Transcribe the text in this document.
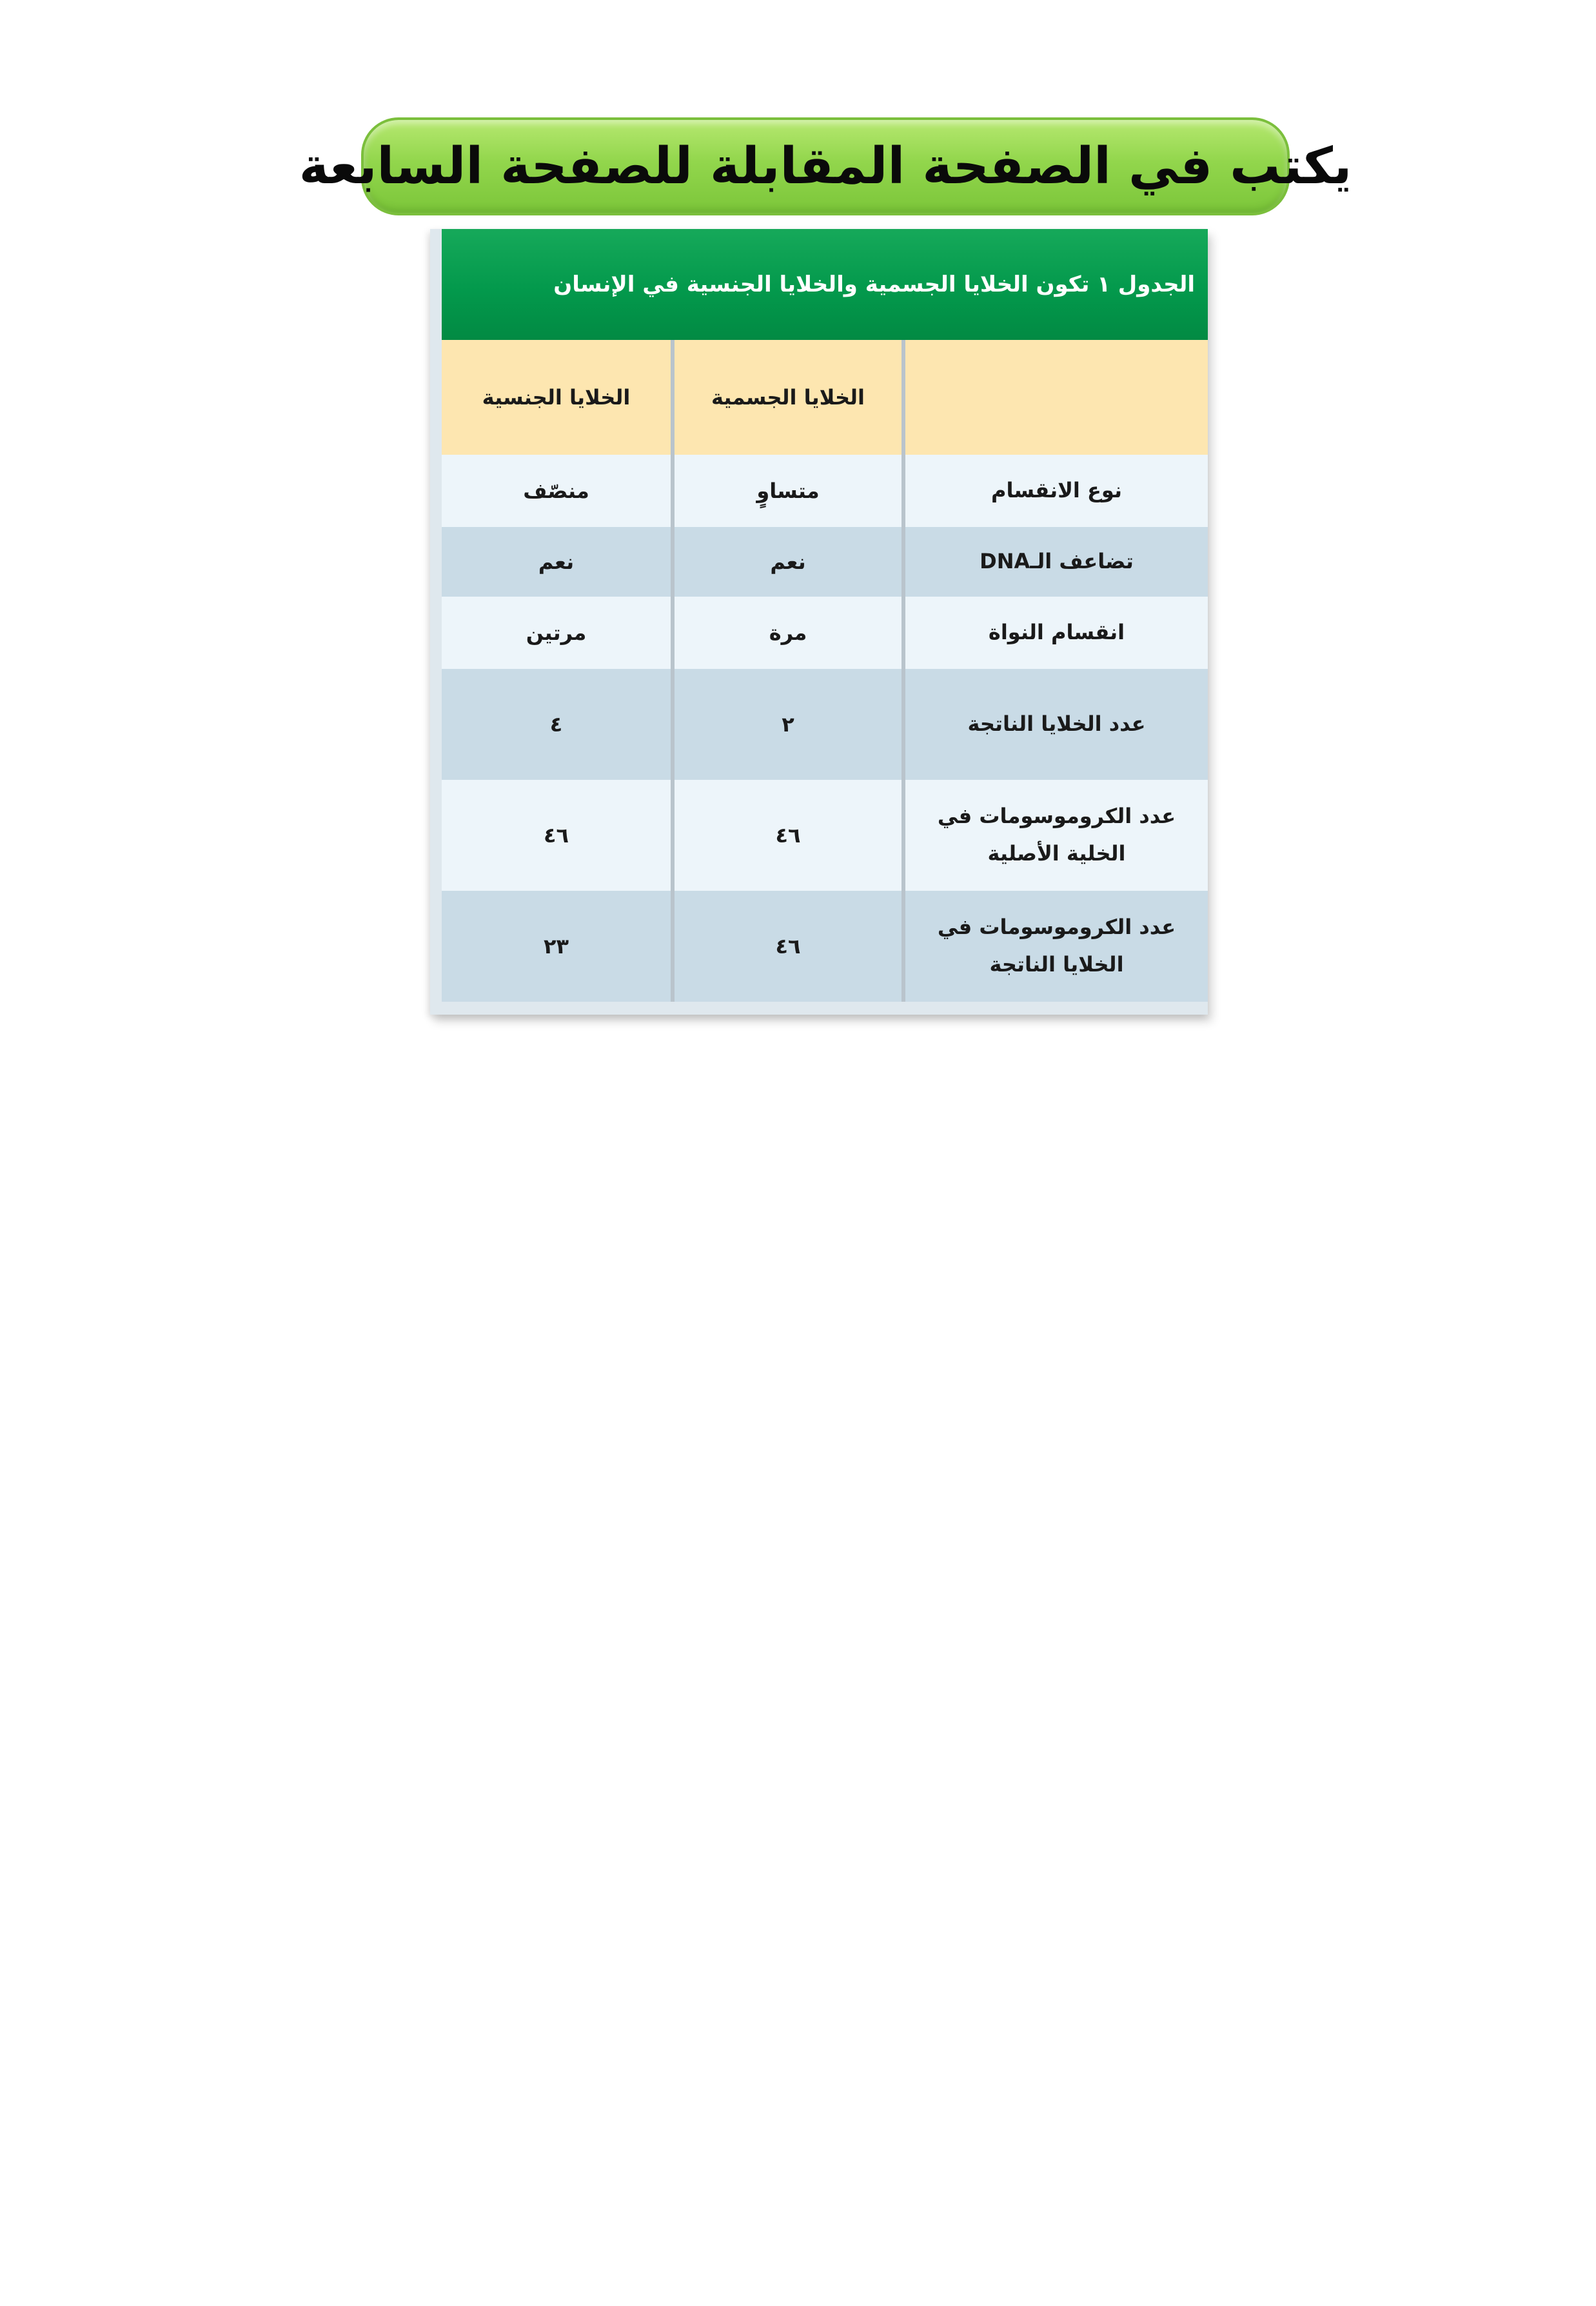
يكتب في الصفحة المقابلة للصفحة السابعة
الجدول ١ تكون الخلايا الجسمية والخلايا الجنسية في الإنسان
	الخلايا الجسمية	الخلايا الجنسية
نوع الانقسام	متساوٍ	منصّف
تضاعف الـDNA	نعم	نعم
انقسام النواة	مرة	مرتين
عدد الخلايا الناتجة	٢	٤
عدد الكروموسومات في الخلية الأصلية	٤٦	٤٦
عدد الكروموسومات في الخلايا الناتجة	٤٦	٢٣
